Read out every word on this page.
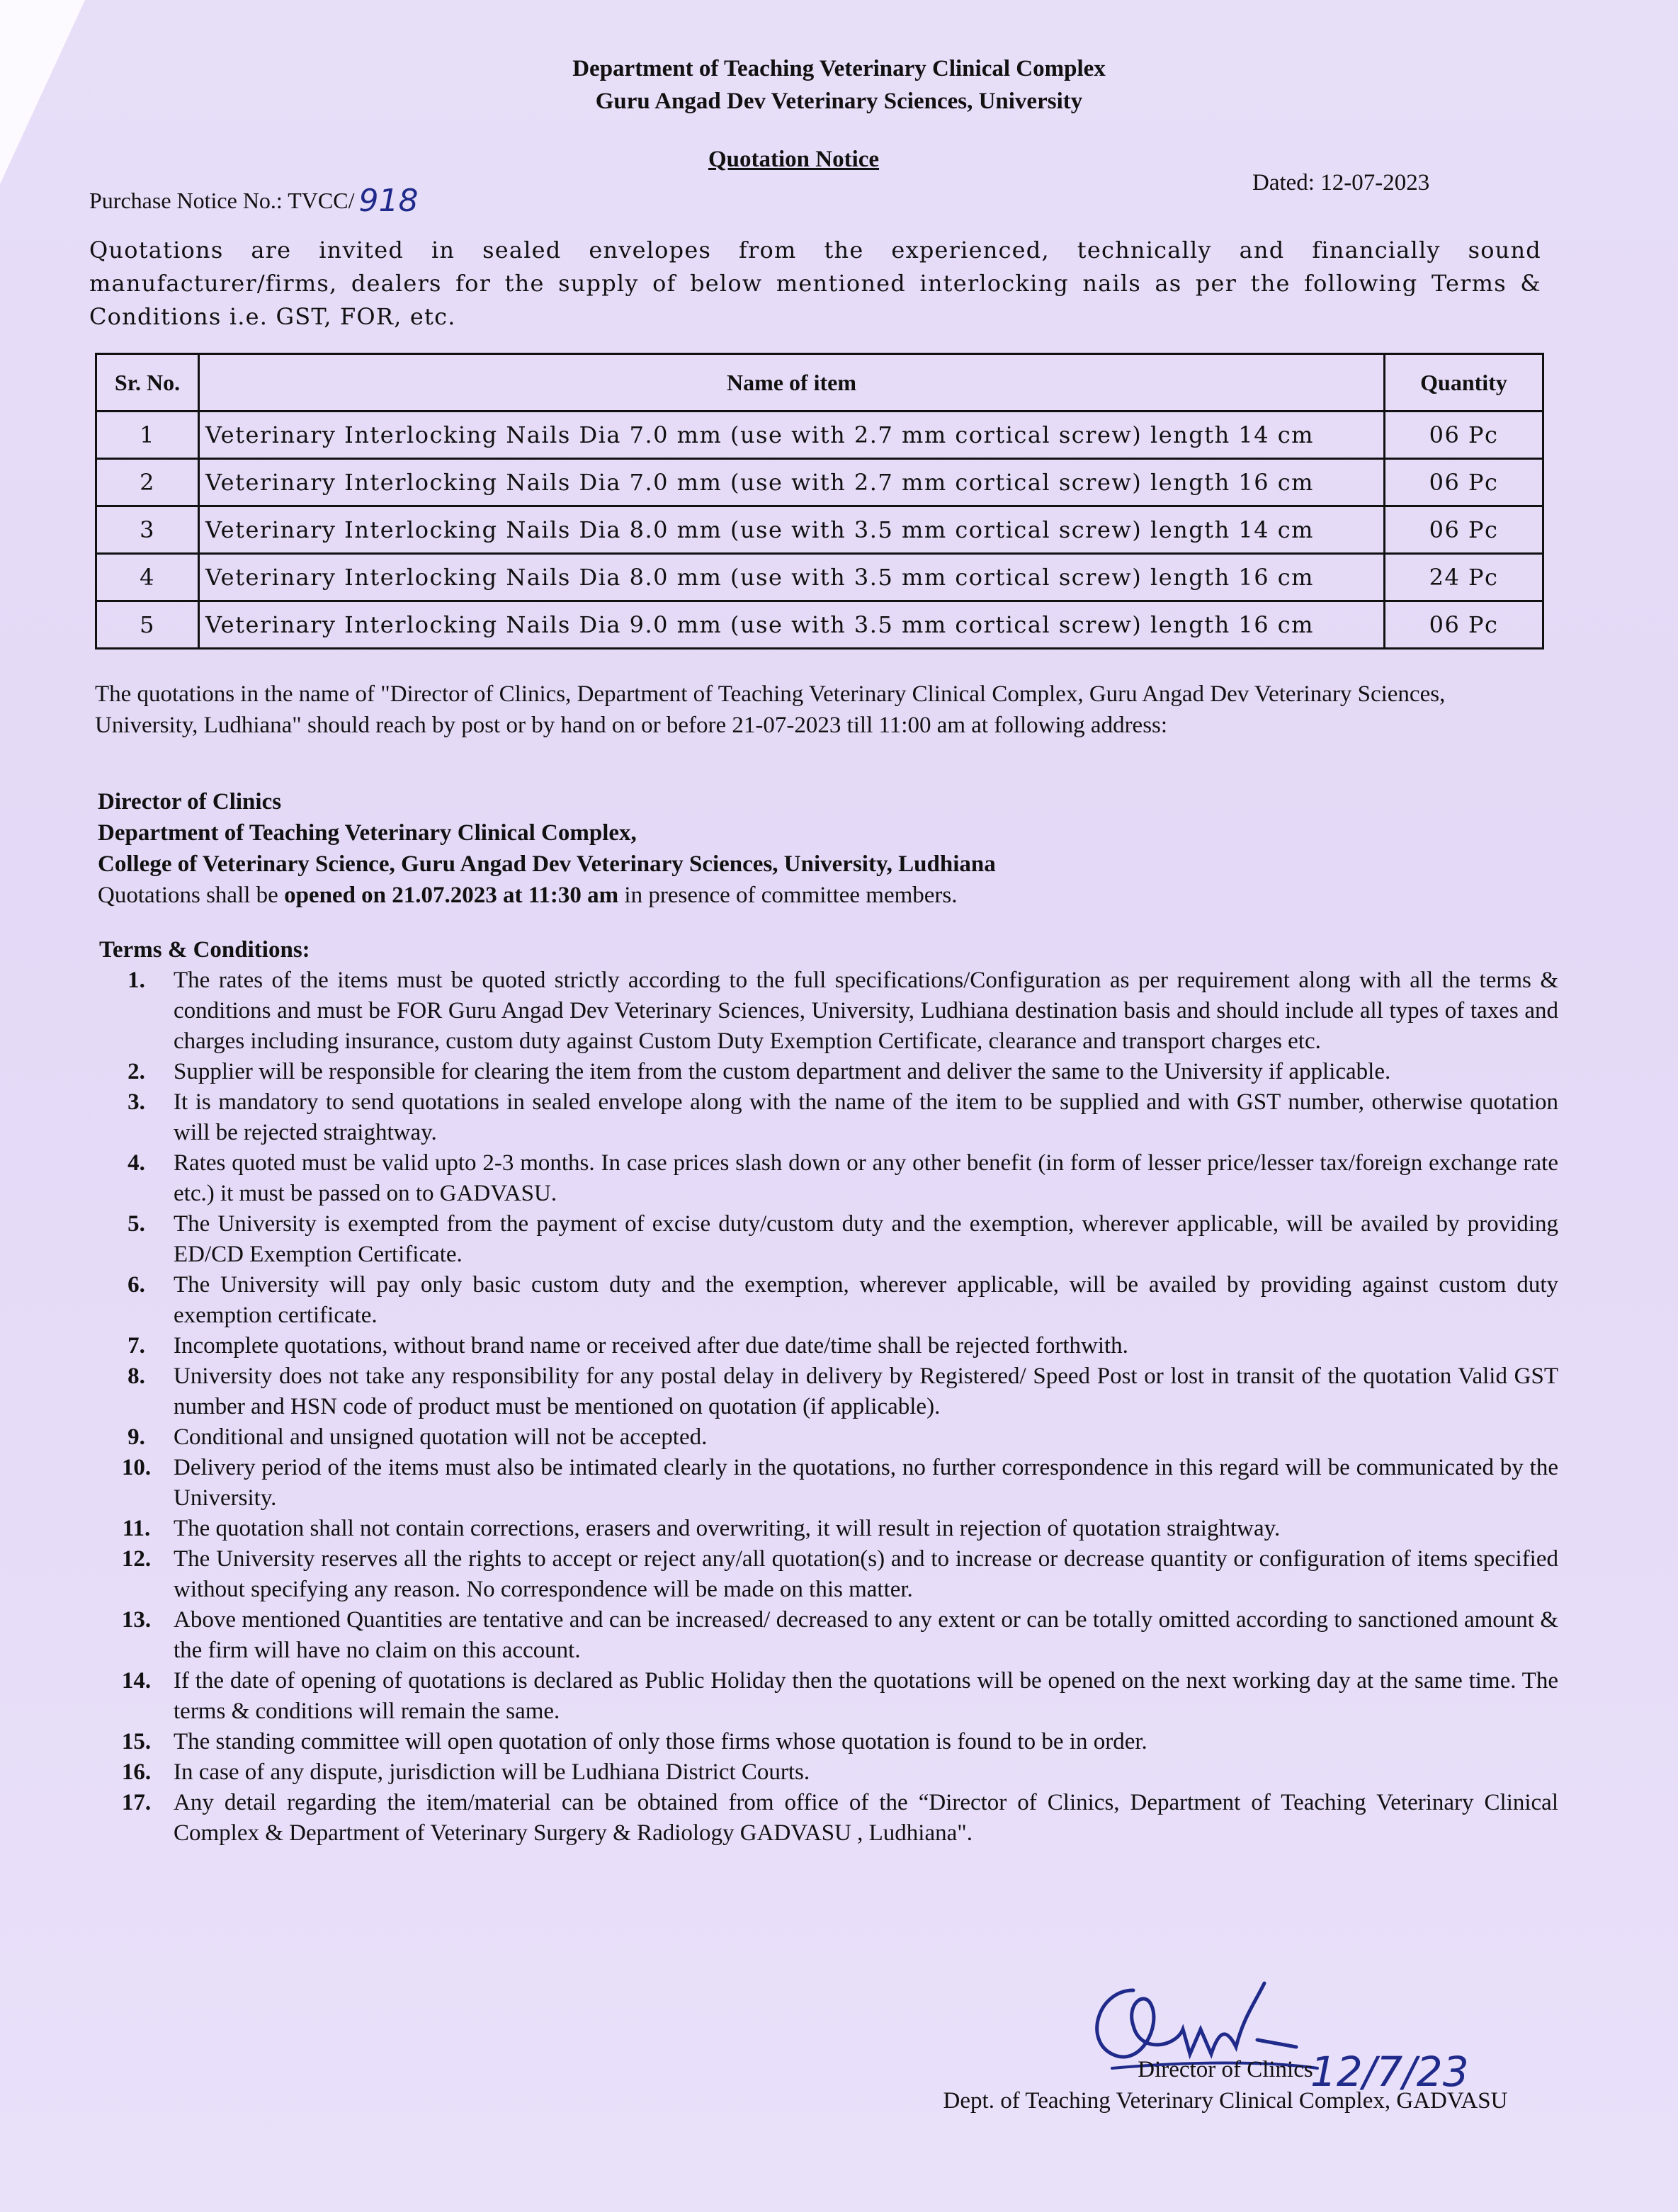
Department of Teaching Veterinary Clinical Complex
Guru Angad Dev Veterinary Sciences, University
Quotation Notice
Purchase Notice No.: TVCC/ 918	Dated: 12-07-2023
Quotations are invited in sealed envelopes from the experienced, technically and financially sound manufacturer/firms, dealers for the supply of below mentioned interlocking nails as per the following Terms & Conditions i.e. GST, FOR, etc.
Sr. No.	Name of item	Quantity
1	Veterinary Interlocking Nails Dia 7.0 mm (use with 2.7 mm cortical screw) length 14 cm	06 Pc
2	Veterinary Interlocking Nails Dia 7.0 mm (use with 2.7 mm cortical screw) length 16 cm	06 Pc
3	Veterinary Interlocking Nails Dia 8.0 mm (use with 3.5 mm cortical screw) length 14 cm	06 Pc
4	Veterinary Interlocking Nails Dia 8.0 mm (use with 3.5 mm cortical screw) length 16 cm	24 Pc
5	Veterinary Interlocking Nails Dia 9.0 mm (use with 3.5 mm cortical screw) length 16 cm	06 Pc
The quotations in the name of "Director of Clinics, Department of Teaching Veterinary Clinical Complex, Guru Angad Dev Veterinary Sciences, University, Ludhiana" should reach by post or by hand on or before 21-07-2023 till 11:00 am at following address:
Director of Clinics
Department of Teaching Veterinary Clinical Complex,
College of Veterinary Science, Guru Angad Dev Veterinary Sciences, University, Ludhiana
Quotations shall be opened on 21.07.2023 at 11:30 am in presence of committee members.
Terms & Conditions:
1.	The rates of the items must be quoted strictly according to the full specifications/Configuration as per requirement along with all the terms & conditions and must be FOR Guru Angad Dev Veterinary Sciences, University, Ludhiana destination basis and should include all types of taxes and charges including insurance, custom duty against Custom Duty Exemption Certificate, clearance and transport charges etc.
2.	Supplier will be responsible for clearing the item from the custom department and deliver the same to the University if applicable.
3.	It is mandatory to send quotations in sealed envelope along with the name of the item to be supplied and with GST number, otherwise quotation will be rejected straightway.
4.	Rates quoted must be valid upto 2-3 months. In case prices slash down or any other benefit (in form of lesser price/lesser tax/foreign exchange rate etc.) it must be passed on to GADVASU.
5.	The University is exempted from the payment of excise duty/custom duty and the exemption, wherever applicable, will be availed by providing ED/CD Exemption Certificate.
6.	The University will pay only basic custom duty and the exemption, wherever applicable, will be availed by providing against custom duty exemption certificate.
7.	Incomplete quotations, without brand name or received after due date/time shall be rejected forthwith.
8.	University does not take any responsibility for any postal delay in delivery by Registered/ Speed Post or lost in transit of the quotation Valid GST number and HSN code of product must be mentioned on quotation (if applicable).
9.	Conditional and unsigned quotation will not be accepted.
10. Delivery period of the items must also be intimated clearly in the quotations, no further correspondence in this regard will be communicated by the University.
11. The quotation shall not contain corrections, erasers and overwriting, it will result in rejection of quotation straightway.
12. The University reserves all the rights to accept or reject any/all quotation(s) and to increase or decrease quantity or configuration of items specified without specifying any reason. No correspondence will be made on this matter.
13. Above mentioned Quantities are tentative and can be increased/ decreased to any extent or can be totally omitted according to sanctioned amount & the firm will have no claim on this account.
14. If the date of opening of quotations is declared as Public Holiday then the quotations will be opened on the next working day at the same time. The terms & conditions will remain the same.
15. The standing committee will open quotation of only those firms whose quotation is found to be in order.
16. In case of any dispute, jurisdiction will be Ludhiana District Courts.
17. Any detail regarding the item/material can be obtained from office of the “Director of Clinics, Department of Teaching Veterinary Clinical Complex & Department of Veterinary Surgery & Radiology GADVASU , Ludhiana".
12/7/23
Director of Clinics
Dept. of Teaching Veterinary Clinical Complex, GADVASU
